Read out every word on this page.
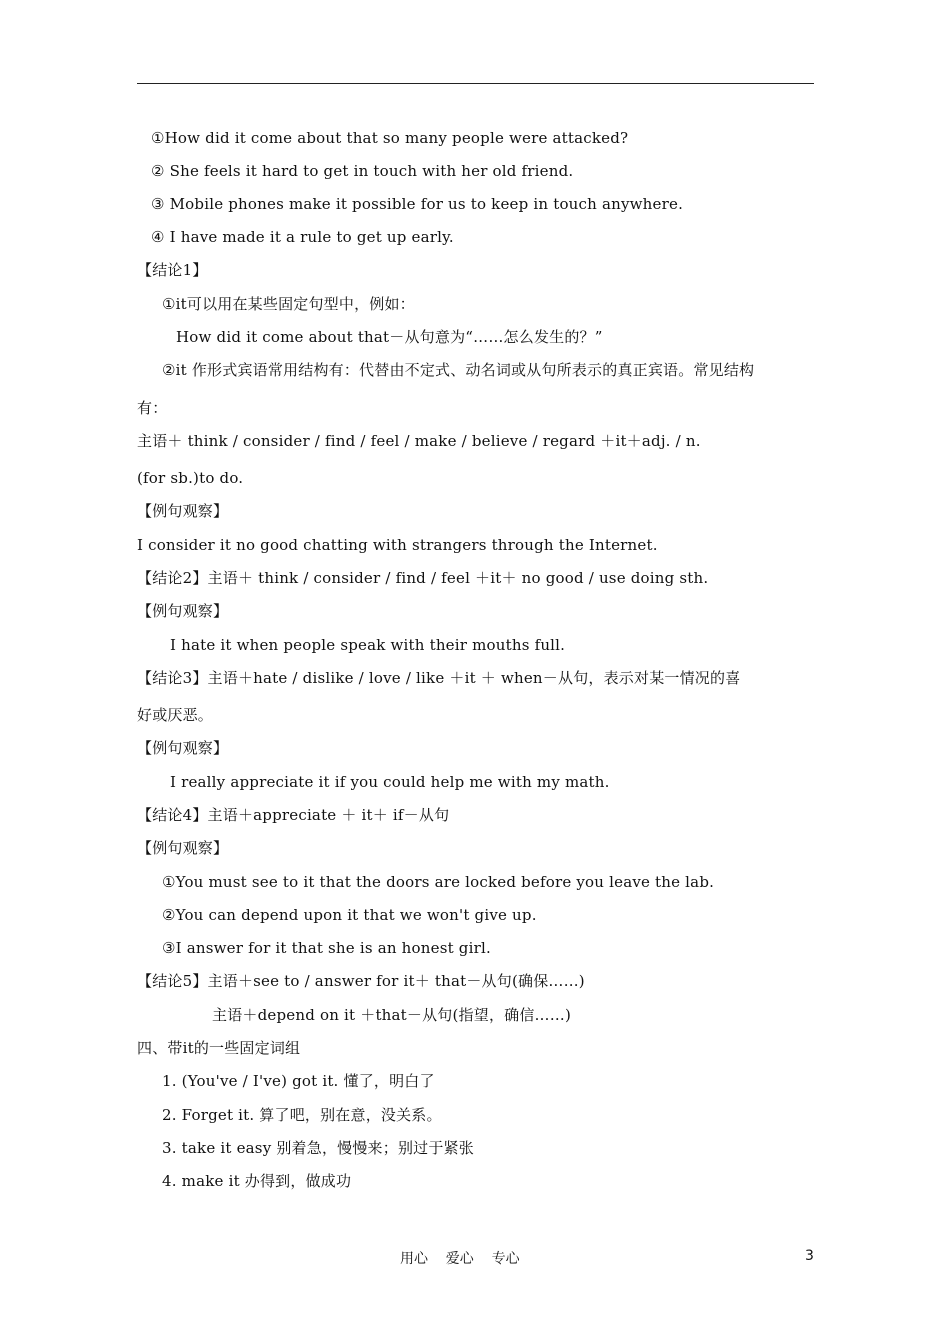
①How did it come about that so many people were attacked?
② She feels it hard to get in touch with her old friend.
③ Mobile phones make it possible for us to keep in touch anywhere.
④ I have made it a rule to get up early.
【结论1】
①it可以用在某些固定句型中，例如：
How did it come about that－从句意为“……怎么发生的？”
②it 作形式宾语常用结构有：代替由不定式、动名词或从句所表示的真正宾语。常见结构
有：
主语＋ think / consider / find / feel / make / believe / regard ＋it＋adj. / n.
(for sb.)to do.
【例句观察】
I consider it no good chatting with strangers through the Internet.
【结论2】主语＋ think / consider / find / feel ＋it＋ no good / use doing sth.
【例句观察】
I hate it when people speak with their mouths full.
【结论3】主语＋hate / dislike / love / like ＋it ＋ when－从句，表示对某一情况的喜
好或厌恶。
【例句观察】
I really appreciate it if you could help me with my math.
【结论4】主语＋appreciate ＋ it＋ if－从句
【例句观察】
①You must see to it that the doors are locked before you leave the lab.
②You can depend upon it that we won't give up.
③I answer for it that she is an honest girl.
【结论5】主语＋see to / answer for it＋ that－从句(确保……)
主语＋depend on it ＋that－从句(指望，确信……)
四、带it的一些固定词组
1. (You've / I've) got it. 懂了，明白了
2. Forget it. 算了吧，别在意，没关系。
3. take it easy 别着急，慢慢来；别过于紧张
4. make it 办得到，做成功
用心    爱心    专心	3
